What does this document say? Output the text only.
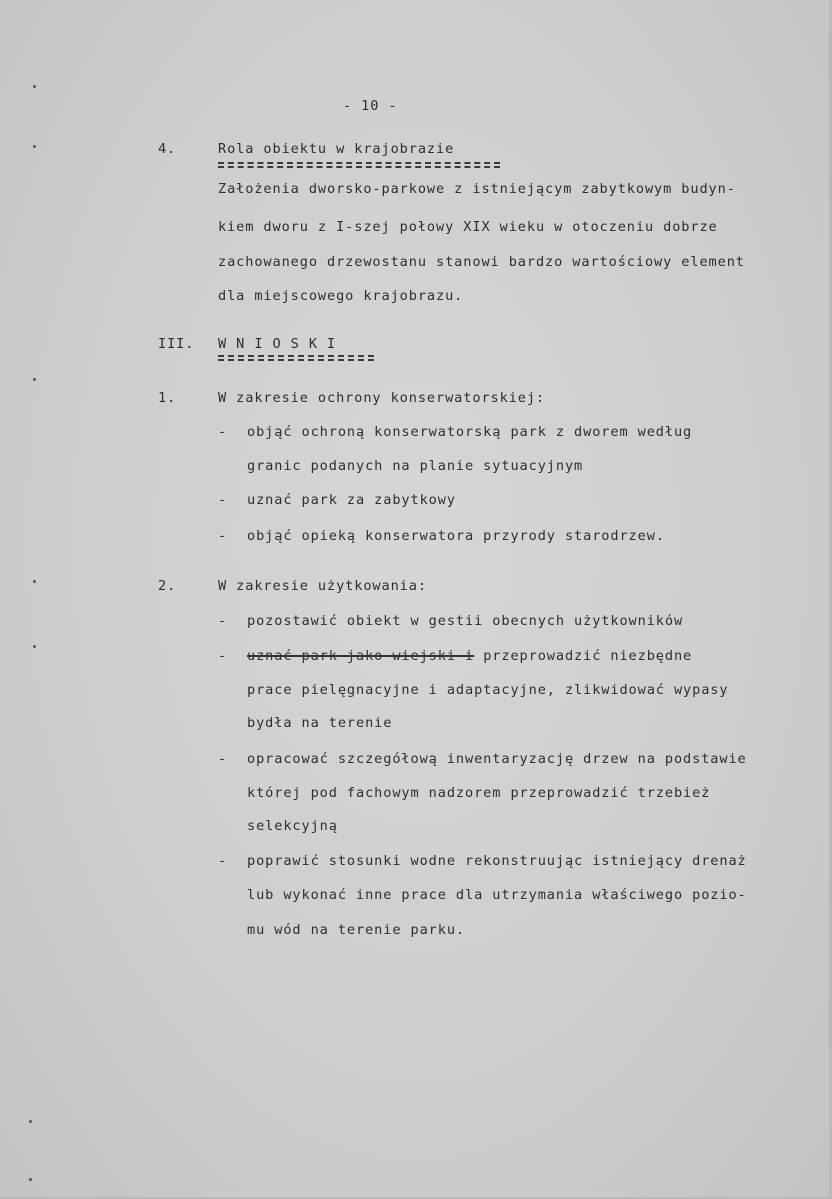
- 10 -
4.	Rola obiektu w krajobrazie
Założenia dworsko-parkowe z istniejącym zabytkowym budyn-
kiem dworu z I-szej połowy XIX wieku w otoczeniu dobrze
zachowanego drzewostanu stanowi bardzo wartościowy element
dla miejscowego krajobrazu.
III. W N I O S K I
1.	W zakresie ochrony konserwatorskiej:
- objąć ochroną konserwatorską park z dworem według
granic podanych na planie sytuacyjnym
- uznać park za zabytkowy
- objąć opieką konserwatora przyrody starodrzew.
2.	W zakresie użytkowania:
- pozostawić obiekt w gestii obecnych użytkowników
- uznać park jako wiejski i przeprowadzić niezbędne
prace pielęgnacyjne i adaptacyjne, zlikwidować wypasy
bydła na terenie
- opracować szczegółową inwentaryzację drzew na podstawie
której pod fachowym nadzorem przeprowadzić trzebież
selekcyjną
- poprawić stosunki wodne rekonstruując istniejący drenaż
lub wykonać inne prace dla utrzymania właściwego pozio-
mu wód na terenie parku.
